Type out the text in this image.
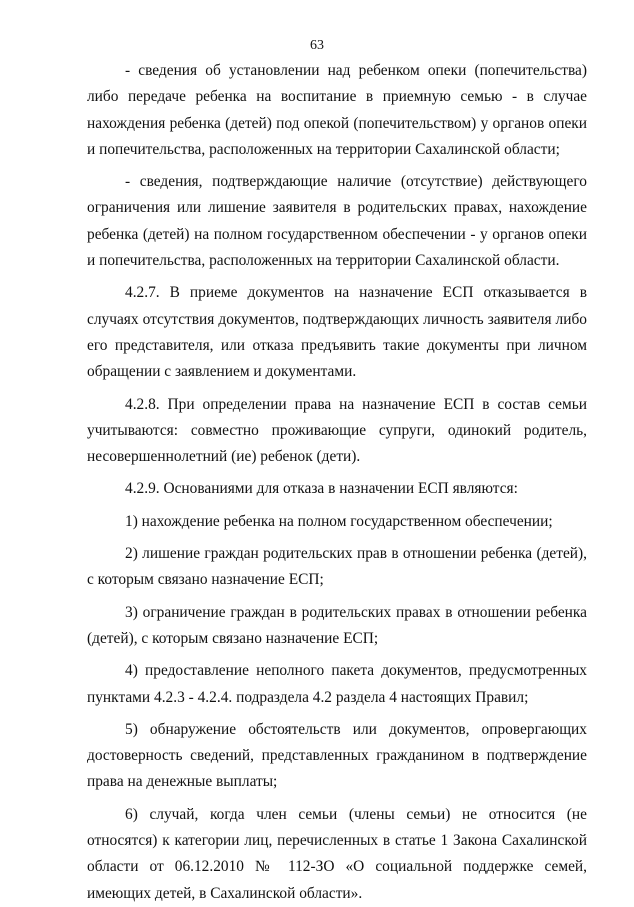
63

- сведения об установлении над ребенком опеки (попечительства) либо передаче ребенка на воспитание в приемную семью - в случае нахождения ребенка (детей) под опекой (попечительством) у органов опеки и попечительства, расположенных на территории Сахалинской области;

- сведения, подтверждающие наличие (отсутствие) действующего ограничения или лишение заявителя в родительских правах, нахождение ребенка (детей) на полном государственном обеспечении - у органов опеки и попечительства, расположенных на территории Сахалинской области.

4.2.7. В приеме документов на назначение ЕСП отказывается в случаях отсутствия документов, подтверждающих личность заявителя либо его представителя, или отказа предъявить такие документы при личном обращении с заявлением и документами.

4.2.8. При определении права на назначение ЕСП в состав семьи учитываются: совместно проживающие супруги, одинокий родитель, несовершеннолетний (ие) ребенок (дети).

4.2.9. Основаниями для отказа в назначении ЕСП являются:

1) нахождение ребенка на полном государственном обеспечении;

2) лишение граждан родительских прав в отношении ребенка (детей), с которым связано назначение ЕСП;

3) ограничение граждан в родительских правах в отношении ребенка (детей), с которым связано назначение ЕСП;

4) предоставление неполного пакета документов, предусмотренных пунктами 4.2.3 - 4.2.4. подраздела 4.2 раздела 4 настоящих Правил;

5) обнаружение обстоятельств или документов, опровергающих достоверность сведений, представленных гражданином в подтверждение права на денежные выплаты;

6) случай, когда член семьи (члены семьи) не относится (не относятся) к категории лиц, перечисленных в статье 1 Закона Сахалинской области от 06.12.2010 № 112-ЗО «О социальной поддержке семей, имеющих детей, в Сахалинской области».
